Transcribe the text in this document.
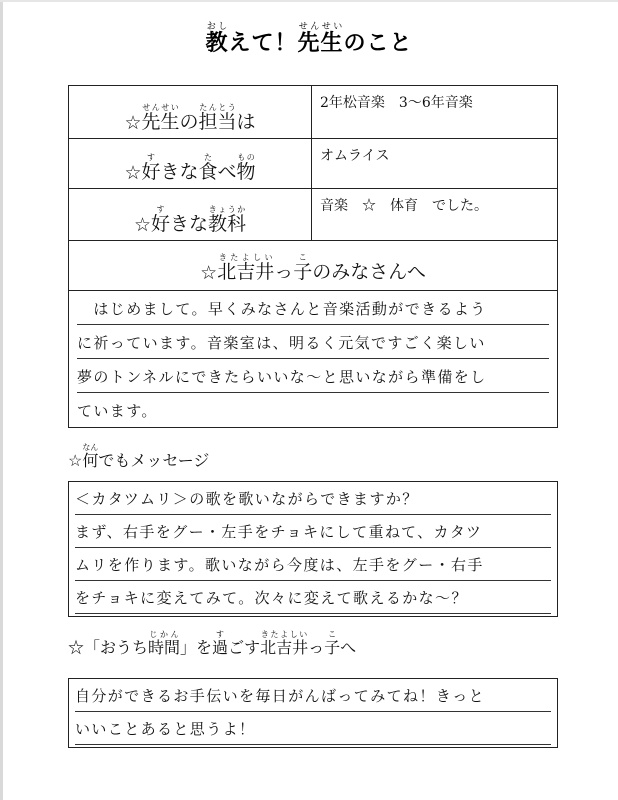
教おしえて！先生せんせいのこと
☆ 先生せんせい
の 担当たんとう
は
2年松音楽　3〜6年音楽
☆ 好す
きな 食た
べ 物もの	オムライス
☆ 好す
きな 教科きょうか	音楽　☆　体育　でした。
☆ 北吉井きたよしい
っ 子こ
のみなさんへ
　はじめまして。早くみなさんと音楽活動ができるよう
に祈っています。音楽室は、明るく元気ですごく楽しい
夢のトンネルにできたらいいな〜と思いながら準備をし
ています。
☆何なんでもメッセージ
＜カタツムリ＞の歌を歌いながらできますか？
まず、右手をグー・左手をチョキにして重ねて、カタツ
ムリを作ります。歌いながら今度は、左手をグー・右手
をチョキに変えてみて。次々に変えて歌えるかな〜？
☆「おうち時間じかん」を過すごす北吉井きたよしいっ子こへ
自分ができるお手伝いを毎日がんばってみてね！きっと
いいことあると思うよ！
